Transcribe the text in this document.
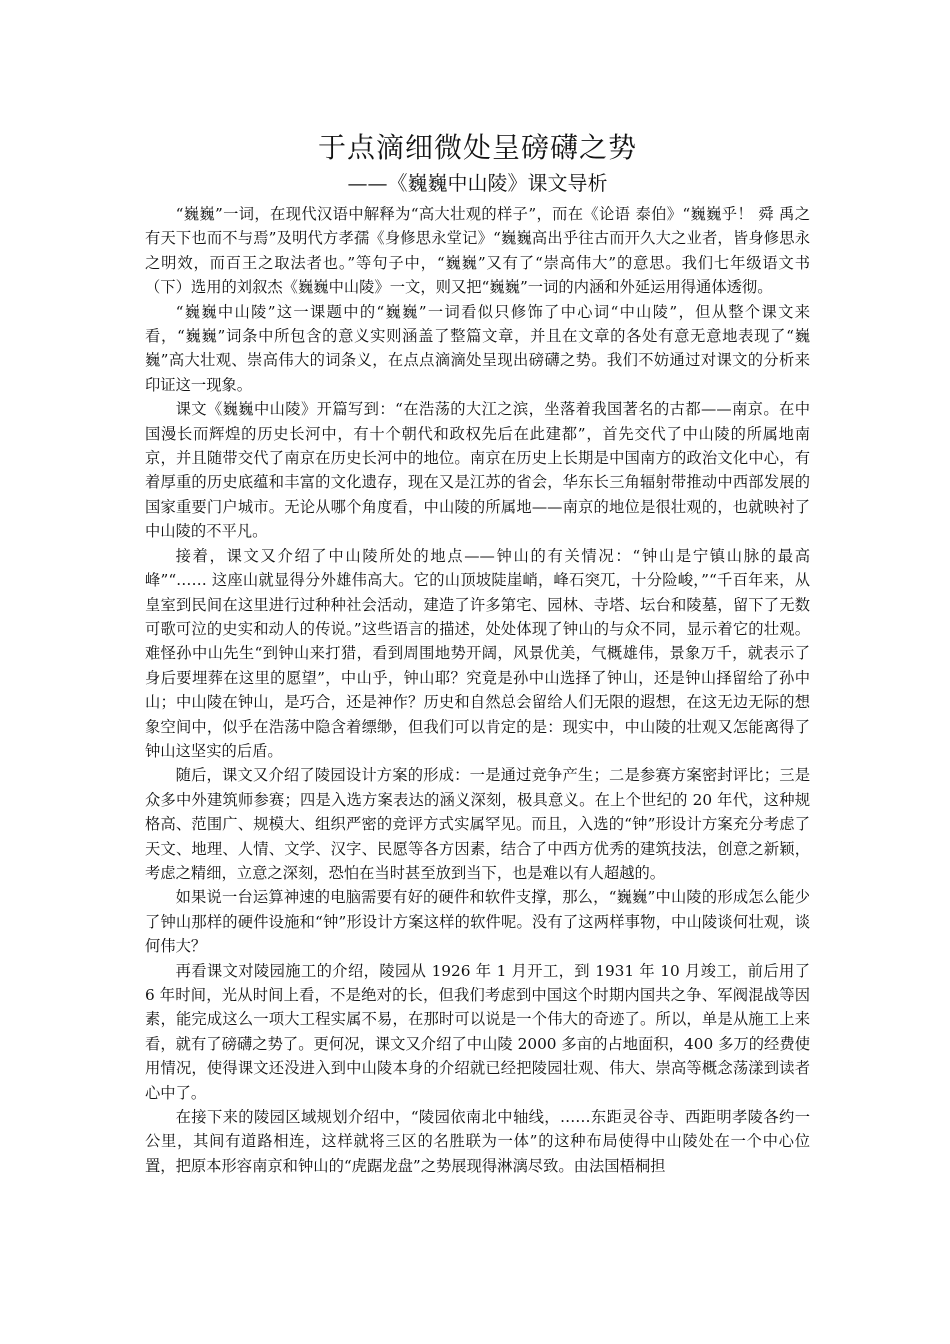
于点滴细微处呈磅礴之势
——《巍巍中山陵》课文导析

“巍巍”一词，在现代汉语中解释为“高大壮观的样子”，而在《论语 泰伯》“巍巍乎！ 舜 禹之有天下也而不与焉”及明代方孝孺《身修思永堂记》“巍巍高出乎往古而开久大之业者，皆身修思永之明效，而百王之取法者也。”等句子中，“巍巍”又有了“崇高伟大”的意思。我们七年级语文书（下）选用的刘叙杰《巍巍中山陵》一文，则又把“巍巍”一词的内涵和外延运用得通体透彻。

“巍巍中山陵”这一课题中的“巍巍”一词看似只修饰了中心词“中山陵”，但从整个课文来看，“巍巍”词条中所包含的意义实则涵盖了整篇文章，并且在文章的各处有意无意地表现了“巍巍”高大壮观、崇高伟大的词条义，在点点滴滴处呈现出磅礴之势。我们不妨通过对课文的分析来印证这一现象。

课文《巍巍中山陵》开篇写到：“在浩荡的大江之滨，坐落着我国著名的古都——南京。在中国漫长而辉煌的历史长河中，有十个朝代和政权先后在此建都”，首先交代了中山陵的所属地南京，并且随带交代了南京在历史长河中的地位。南京在历史上长期是中国南方的政治文化中心，有着厚重的历史底蕴和丰富的文化遗存，现在又是江苏的省会，华东长三角辐射带推动中西部发展的国家重要门户城市。无论从哪个角度看，中山陵的所属地——南京的地位是很壮观的，也就映衬了中山陵的不平凡。

接着，课文又介绍了中山陵所处的地点——钟山的有关情况：“钟山是宁镇山脉的最高峰”“…… 这座山就显得分外雄伟高大。它的山顶坡陡崖峭，峰石突兀，十分险峻，”“千百年来，从皇室到民间在这里进行过种种社会活动，建造了许多第宅、园林、寺塔、坛台和陵墓，留下了无数可歌可泣的史实和动人的传说。”这些语言的描述，处处体现了钟山的与众不同，显示着它的壮观。难怪孙中山先生“到钟山来打猎，看到周围地势开阔，风景优美，气概雄伟，景象万千，就表示了身后要埋葬在这里的愿望”，中山乎，钟山耶？究竟是孙中山选择了钟山，还是钟山择留给了孙中山；中山陵在钟山，是巧合，还是神作？历史和自然总会留给人们无限的遐想，在这无边无际的想象空间中，似乎在浩荡中隐含着缥缈，但我们可以肯定的是：现实中，中山陵的壮观又怎能离得了钟山这坚实的后盾。

随后，课文又介绍了陵园设计方案的形成：一是通过竞争产生；二是参赛方案密封评比；三是众多中外建筑师参赛；四是入选方案表达的涵义深刻，极具意义。在上个世纪的 20 年代，这种规格高、范围广、规模大、组织严密的竞评方式实属罕见。而且，入选的“钟”形设计方案充分考虑了天文、地理、人情、文学、汉字、民愿等各方因素，结合了中西方优秀的建筑技法，创意之新颖，考虑之精细，立意之深刻，恐怕在当时甚至放到当下，也是难以有人超越的。

如果说一台运算神速的电脑需要有好的硬件和软件支撑，那么，“巍巍”中山陵的形成怎么能少了钟山那样的硬件设施和“钟”形设计方案这样的软件呢。没有了这两样事物，中山陵谈何壮观，谈何伟大？

再看课文对陵园施工的介绍，陵园从 1926 年 1 月开工，到 1931 年 10 月竣工，前后用了 6 年时间，光从时间上看，不是绝对的长，但我们考虑到中国这个时期内国共之争、军阀混战等因素，能完成这么一项大工程实属不易，在那时可以说是一个伟大的奇迹了。所以，单是从施工上来看，就有了磅礴之势了。更何况，课文又介绍了中山陵 2000 多亩的占地面积，400 多万的经费使用情况，使得课文还没进入到中山陵本身的介绍就已经把陵园壮观、伟大、崇高等概念荡漾到读者心中了。

在接下来的陵园区域规划介绍中，“陵园依南北中轴线，……东距灵谷寺、西距明孝陵各约一公里，其间有道路相连，这样就将三区的名胜联为一体”的这种布局使得中山陵处在一个中心位置，把原本形容南京和钟山的“虎踞龙盘”之势展现得淋漓尽致。由法国梧桐担
